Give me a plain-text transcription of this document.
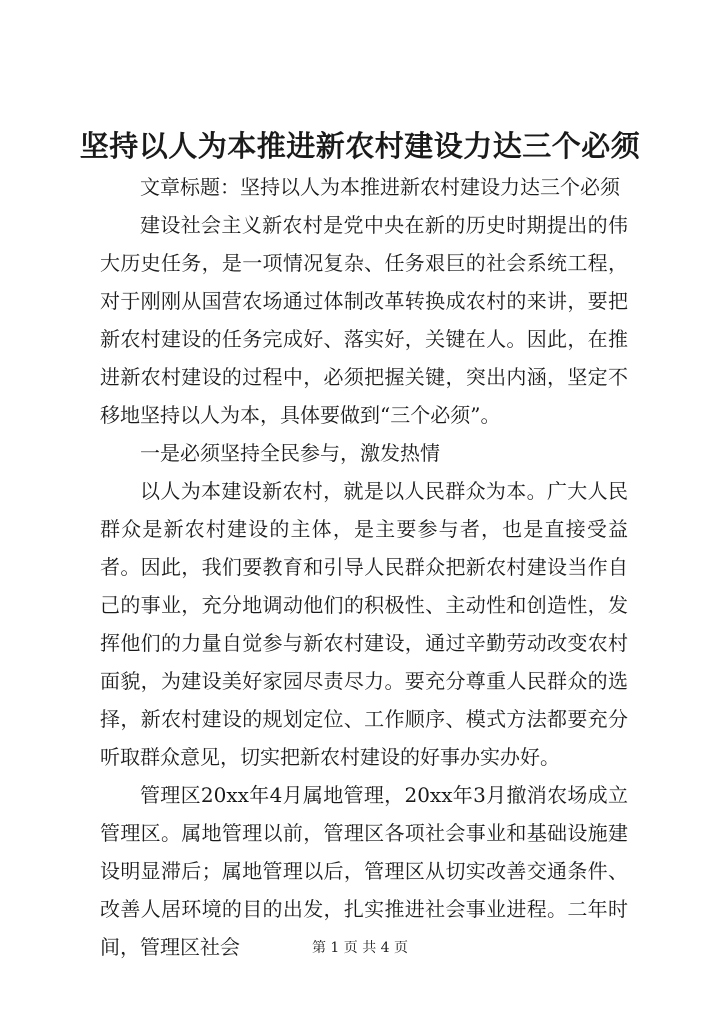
坚持以人为本推进新农村建设力达三个必须

文章标题：坚持以人为本推进新农村建设力达三个必须

建设社会主义新农村是党中央在新的历史时期提出的伟大历史任务，是一项情况复杂、任务艰巨的社会系统工程，对于刚刚从国营农场通过体制改革转换成农村的来讲，要把新农村建设的任务完成好、落实好，关键在人。因此，在推进新农村建设的过程中，必须把握关键，突出内涵，坚定不移地坚持以人为本，具体要做到“三个必须”。

一是必须坚持全民参与，激发热情

以人为本建设新农村，就是以人民群众为本。广大人民群众是新农村建设的主体，是主要参与者，也是直接受益者。因此，我们要教育和引导人民群众把新农村建设当作自己的事业，充分地调动他们的积极性、主动性和创造性，发挥他们的力量自觉参与新农村建设，通过辛勤劳动改变农村面貌，为建设美好家园尽责尽力。要充分尊重人民群众的选择，新农村建设的规划定位、工作顺序、模式方法都要充分听取群众意见，切实把新农村建设的好事办实办好。

管理区20xx年4月属地管理，20xx年3月撤消农场成立管理区。属地管理以前，管理区各项社会事业和基础设施建设明显滞后；属地管理以后，管理区从切实改善交通条件、改善人居环境的目的出发，扎实推进社会事业进程。二年时间，管理区社会	第 1 页 共 4 页
